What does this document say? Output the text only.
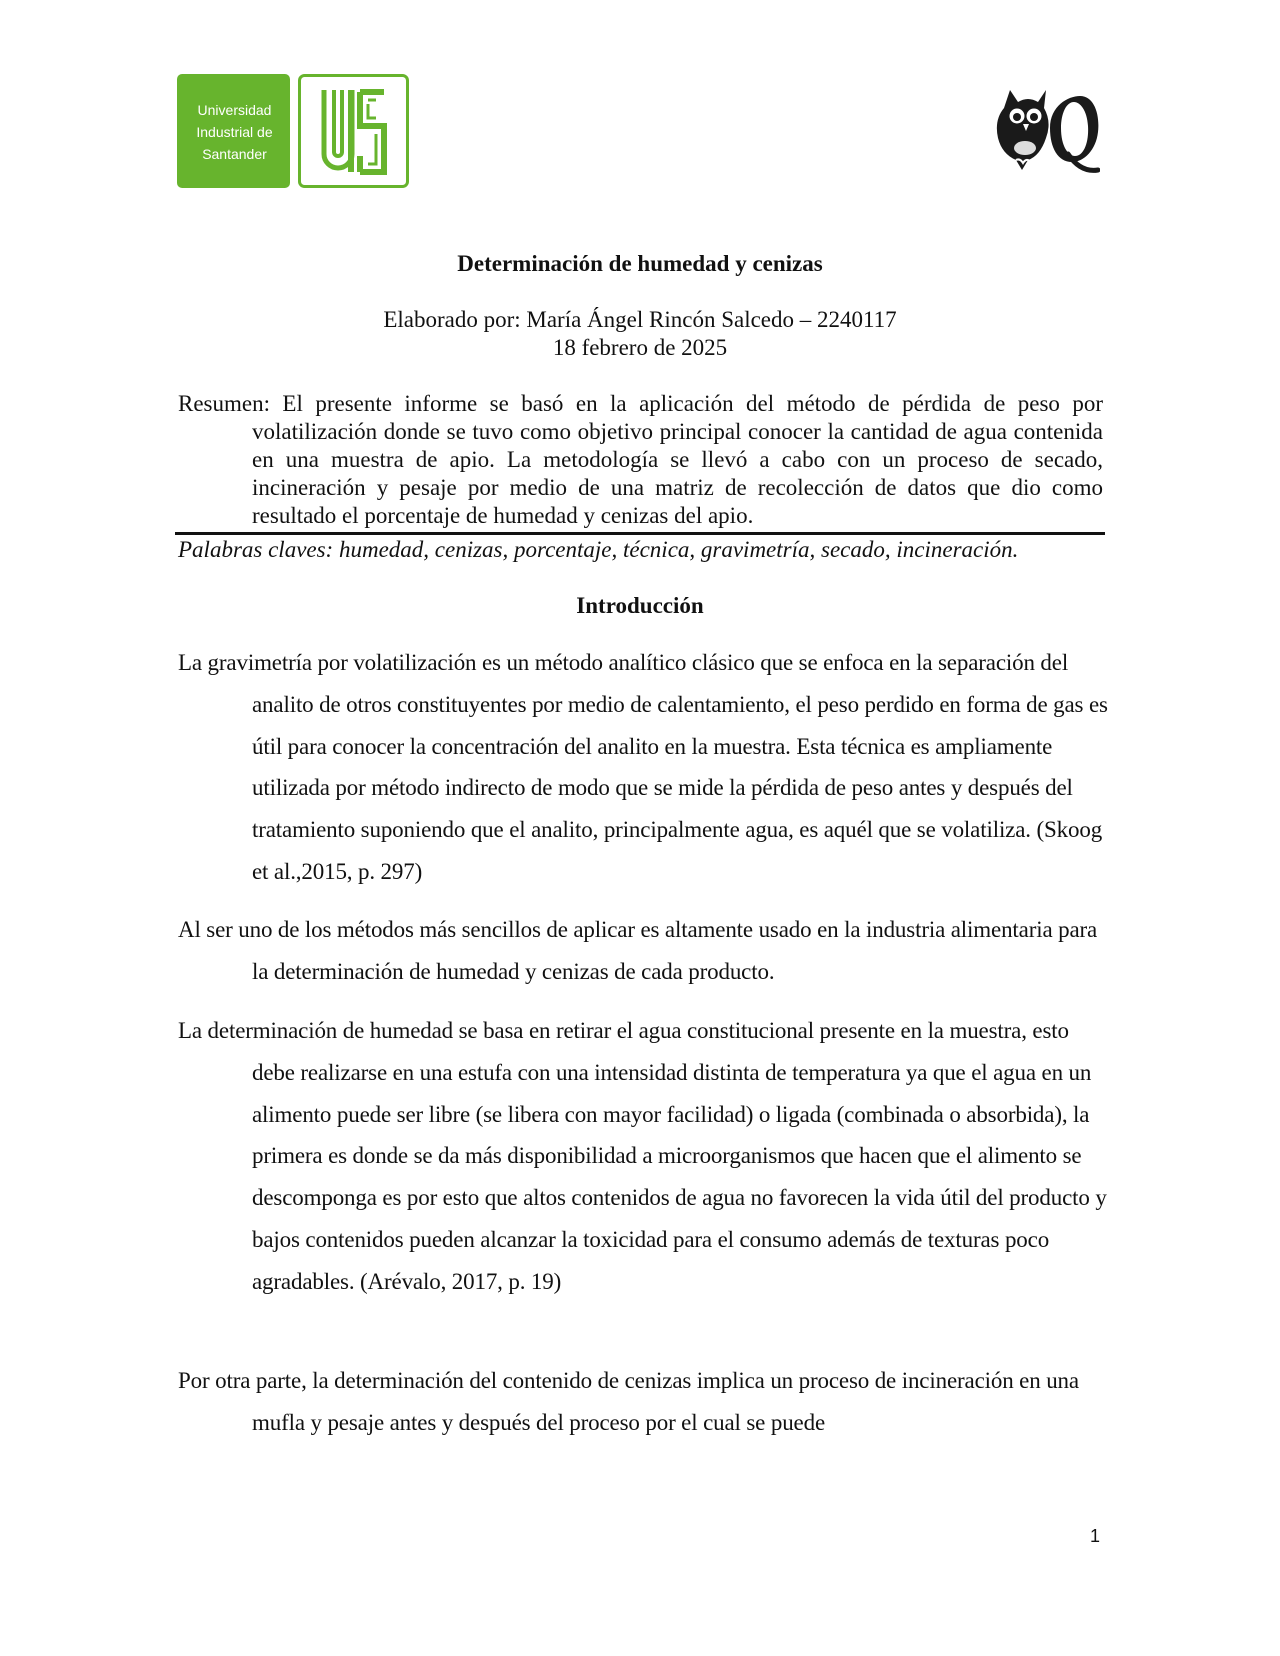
Universidad Industrial de Santander
Determinación de humedad y cenizas
Elaborado por: María Ángel Rincón Salcedo – 2240117
18 febrero de 2025
Resumen: El presente informe se basó en la aplicación del método de pérdida de peso por volatilización donde se tuvo como objetivo principal conocer la cantidad de agua contenida en una muestra de apio. La metodología se llevó a cabo con un proceso de secado, incineración y pesaje por medio de una matriz de recolección de datos que dio como resultado el porcentaje de humedad y cenizas del apio.
Palabras claves: humedad, cenizas, porcentaje, técnica, gravimetría, secado, incineración.
Introducción

La gravimetría por volatilización es un método analítico clásico que se enfoca en la separación del analito de otros constituyentes por medio de calentamiento, el peso perdido en forma de gas es útil para conocer la concentración del analito en la muestra. Esta técnica es ampliamente utilizada por método indirecto de modo que se mide la pérdida de peso antes y después del tratamiento suponiendo que el analito, principalmente agua, es aquél que se volatiliza. (Skoog et al.,2015, p. 297)

Al ser uno de los métodos más sencillos de aplicar es altamente usado en la industria alimentaria para la determinación de humedad y cenizas de cada producto.

La determinación de humedad se basa en retirar el agua constitucional presente en la muestra, esto debe realizarse en una estufa con una intensidad distinta de temperatura ya que el agua en un alimento puede ser libre (se libera con mayor facilidad) o ligada (combinada o absorbida), la primera es donde se da más disponibilidad a microorganismos que hacen que el alimento se descomponga es por esto que altos contenidos de agua no favorecen la vida útil del producto y bajos contenidos pueden alcanzar la toxicidad para el consumo además de texturas poco agradables. (Arévalo, 2017, p. 19)

Por otra parte, la determinación del contenido de cenizas implica un proceso de incineración en una mufla y pesaje antes y después del proceso por el cual se puede

1
